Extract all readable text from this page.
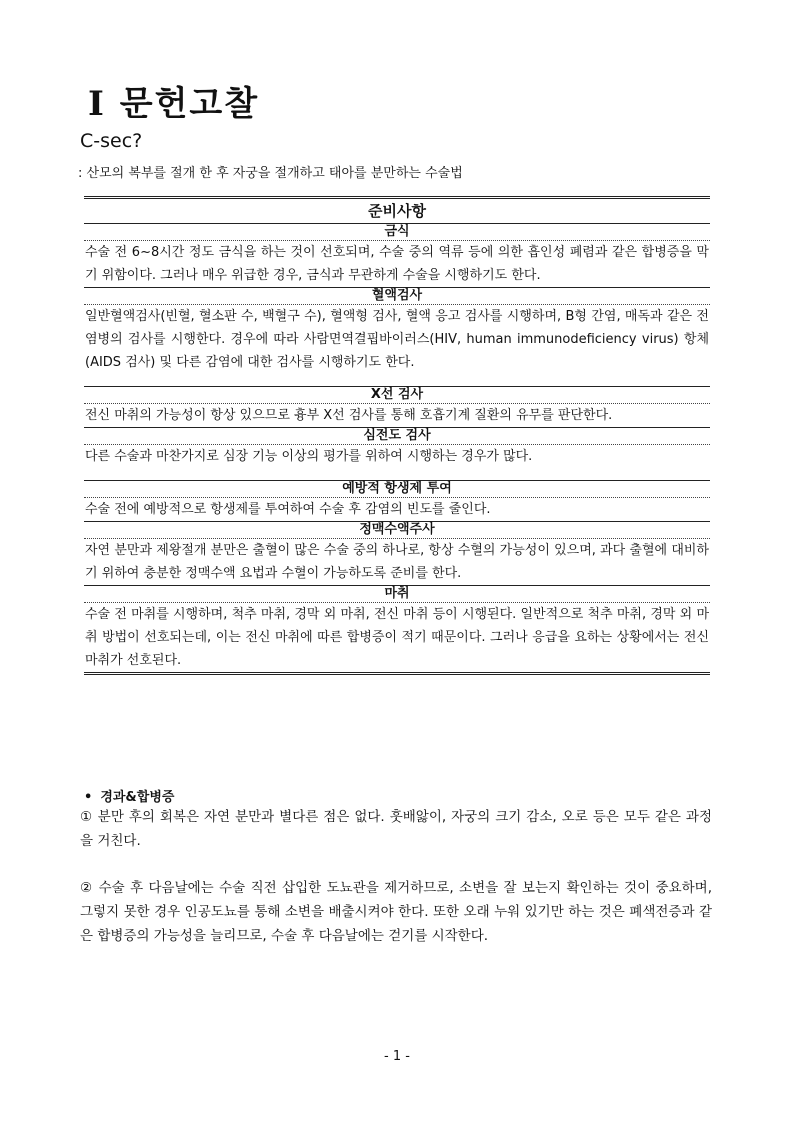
Ⅰ 문헌고찰
C-sec?
: 산모의 복부를 절개 한 후 자궁을 절개하고 태아를 분만하는 수술법
준비사항
금식
수술 전 6~8시간 정도 금식을 하는 것이 선호되며, 수술 중의 역류 등에 의한 흡인성 폐렴과 같은 합병증을 막기 위함이다. 그러나 매우 위급한 경우, 금식과 무관하게 수술을 시행하기도 한다.
혈액검사
일반혈액검사(빈혈, 혈소판 수, 백혈구 수), 혈액형 검사, 혈액 응고 검사를 시행하며, B형 간염, 매독과 같은 전염병의 검사를 시행한다. 경우에 따라 사람면역결핍바이러스(HIV, human immunodeficiency virus) 항체(AIDS 검사) 및 다른 감염에 대한 검사를 시행하기도 한다.
X선 검사
전신 마취의 가능성이 항상 있으므로 흉부 X선 검사를 통해 호흡기계 질환의 유무를 판단한다.
심전도 검사
다른 수술과 마찬가지로 심장 기능 이상의 평가를 위하여 시행하는 경우가 많다.
예방적 항생제 투여
수술 전에 예방적으로 항생제를 투여하여 수술 후 감염의 빈도를 줄인다.
정맥수액주사
자연 분만과 제왕절개 분만은 출혈이 많은 수술 중의 하나로, 항상 수혈의 가능성이 있으며, 과다 출혈에 대비하기 위하여 충분한 정맥수액 요법과 수혈이 가능하도록 준비를 한다.
마취
수술 전 마취를 시행하며, 척추 마취, 경막 외 마취, 전신 마취 등이 시행된다. 일반적으로 척추 마취, 경막 외 마취 방법이 선호되는데, 이는 전신 마취에 따른 합병증이 적기 때문이다. 그러나 응급을 요하는 상황에서는 전신 마취가 선호된다.
• 경과&합병증
① 분만 후의 회복은 자연 분만과 별다른 점은 없다. 훗배앓이, 자궁의 크기 감소, 오로 등은 모두 같은 과정을 거친다.
② 수술 후 다음날에는 수술 직전 삽입한 도뇨관을 제거하므로, 소변을 잘 보는지 확인하는 것이 중요하며, 그렇지 못한 경우 인공도뇨를 통해 소변을 배출시켜야 한다. 또한 오래 누워 있기만 하는 것은 폐색전증과 같은 합병증의 가능성을 늘리므로, 수술 후 다음날에는 걷기를 시작한다.
- 1 -
